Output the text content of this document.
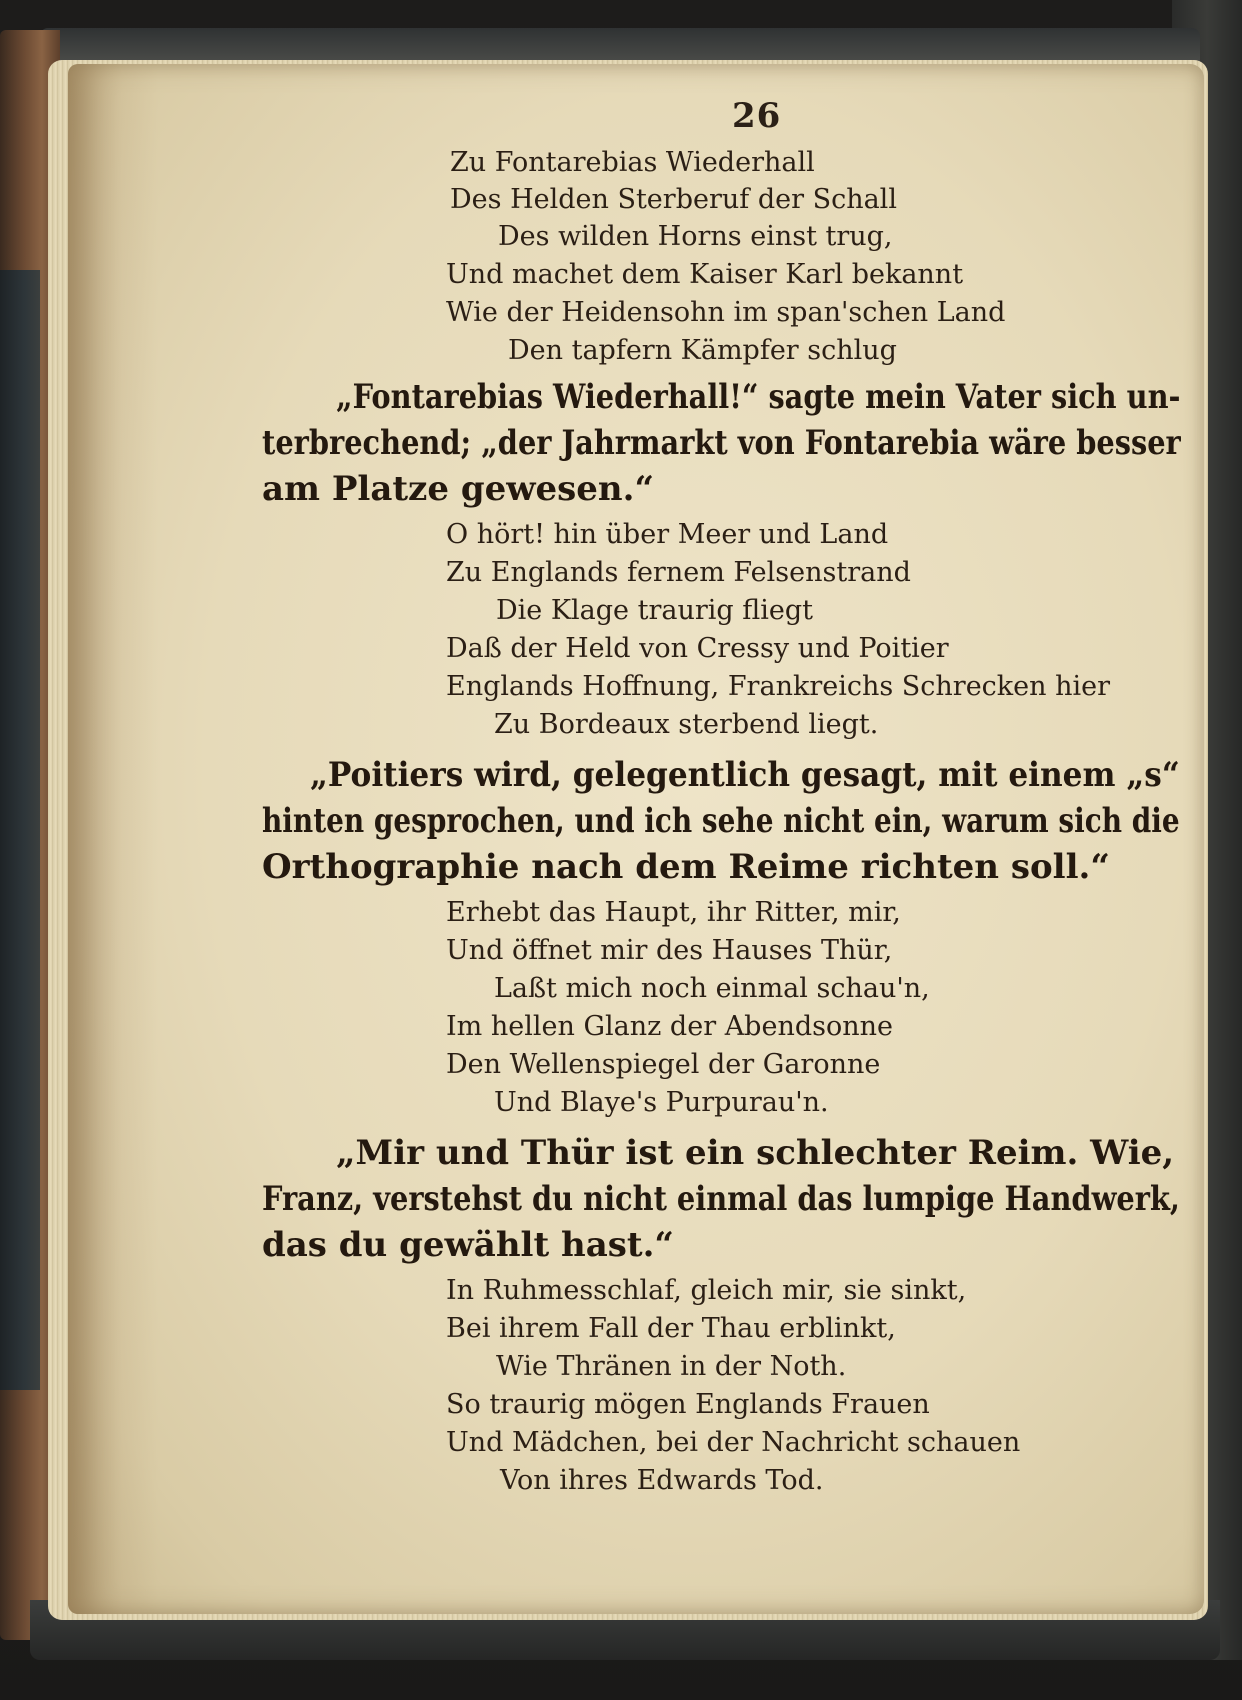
26
Zu Fontarebias Wiederhall
Des Helden Sterberuf der Schall
Des wilden Horns einst trug,
Und machet dem Kaiser Karl bekannt
Wie der Heidensohn im span'schen Land
Den tapfern Kämpfer schlug
„Fontarebias Wiederhall!“ sagte mein Vater sich un-
terbrechend; „der Jahrmarkt von Fontarebia wäre besser
am Platze gewesen.“
O hört! hin über Meer und Land
Zu Englands fernem Felsenstrand
Die Klage traurig fliegt
Daß der Held von Cressy und Poitier
Englands Hoffnung, Frankreichs Schrecken hier
Zu Bordeaux sterbend liegt.
„Poitiers wird, gelegentlich gesagt, mit einem „s“
hinten gesprochen, und ich sehe nicht ein, warum sich die
Orthographie nach dem Reime richten soll.“
Erhebt das Haupt, ihr Ritter, mir,
Und öffnet mir des Hauses Thür,
Laßt mich noch einmal schau'n,
Im hellen Glanz der Abendsonne
Den Wellenspiegel der Garonne
Und Blaye's Purpurau'n.
„Mir und Thür ist ein schlechter Reim. Wie,
Franz, verstehst du nicht einmal das lumpige Handwerk,
das du gewählt hast.“
In Ruhmesschlaf, gleich mir, sie sinkt,
Bei ihrem Fall der Thau erblinkt,
Wie Thränen in der Noth.
So traurig mögen Englands Frauen
Und Mädchen, bei der Nachricht schauen
Von ihres Edwards Tod.
